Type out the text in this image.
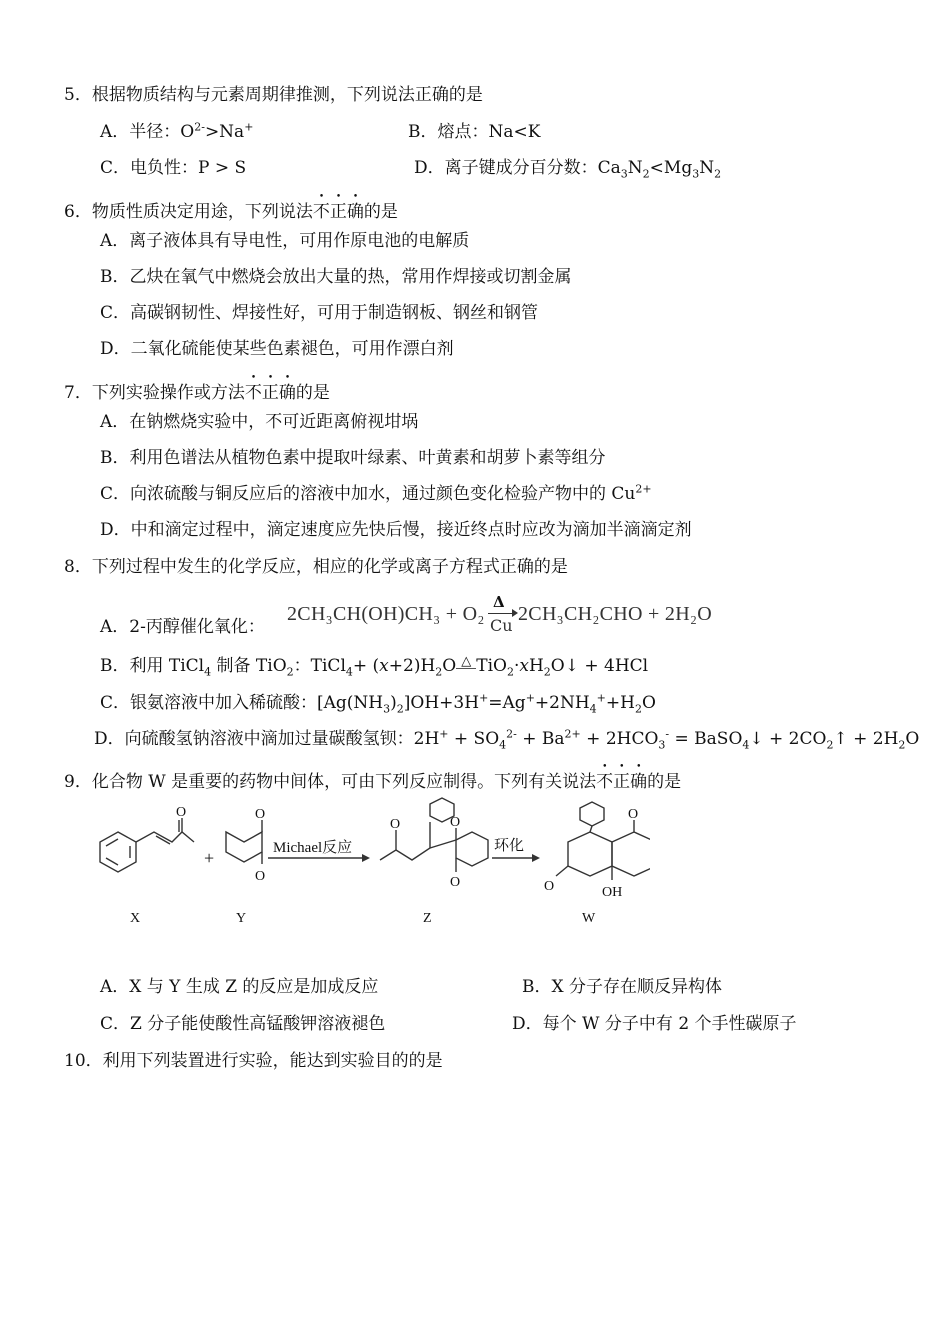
5．根据物质结构与元素周期律推测，下列说法正确的是
A．半径：$O^{2-}>Na^+$	B．熔点：Na<K
C．电负性：P > S	D．离子键成分百分数：$Ca_3N_2<Mg_3N_2$
6．物质性质决定用途，下列说法不正确的是
A．离子液体具有导电性，可用作原电池的电解质
B．乙炔在氧气中燃烧会放出大量的热，常用作焊接或切割金属
C．高碳钢韧性、焊接性好，可用于制造钢板、钢丝和钢管
D．二氧化硫能使某些色素褪色，可用作漂白剂
7．下列实验操作或方法不正确的是
A．在钠燃烧实验中，不可近距离俯视坩埚
B．利用色谱法从植物色素中提取叶绿素、叶黄素和胡萝卜素等组分
C．向浓硫酸与铜反应后的溶液中加水，通过颜色变化检验产物中的 $Cu^{2+}$
D．中和滴定过程中，滴定速度应先快后慢，接近终点时应改为滴加半滴滴定剂
8．下列过程中发生的化学反应，相应的化学或离子方程式正确的是
A．2-丙醇催化氧化：
2CH₃CH(OH)CH₃ + O₂
Δ
Cu
2CH₃CH₂CHO + 2H₂O
B．利用 TiCl$_4$ 制备 TiO$_2$：TiCl$_4$+ $(x+2)H_2O$ △ $TiO_2\cdot xH_2O↓ + 4HCl$
C．银氨溶液中加入稀硫酸：$[Ag(NH_3)_2]OH+3H^+=Ag^++2NH_4^++H_2O$
D．向硫酸氢钠溶液中滴加过量碳酸氢钡：$2H^+ + SO_4^{2-} + Ba^{2+} + 2HCO_3^-$ = BaSO$_4$↓ + $2CO_2↑ + 2H_2O$
9．化合物 W 是重要的药物中间体，可由下列反应制得。下列有关说法不正确的是
O	O
O
O	O
O
O
O	OH
+	Michael反应	环化
X	Y	Z	W
A．X 与 Y 生成 Z 的反应是加成反应	B．X 分子存在顺反异构体
C．Z 分子能使酸性高锰酸钾溶液褪色	D．每个 W 分子中有 2 个手性碳原子
10．利用下列装置进行实验，能达到实验目的的是
